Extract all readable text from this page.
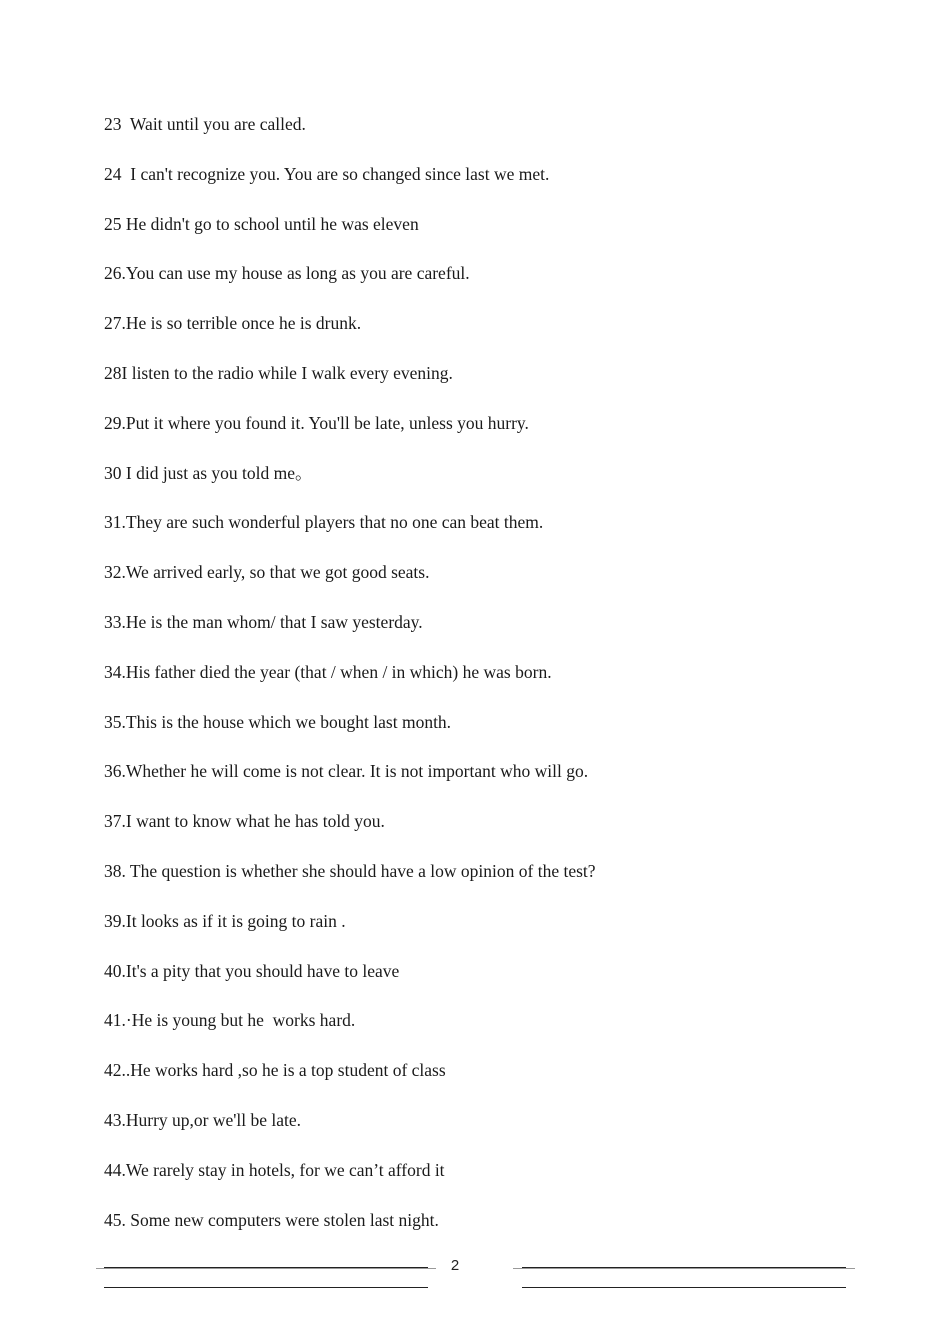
23  Wait until you are called.
24  I can't recognize you. You are so changed since last we met.
25 He didn't go to school until he was eleven
26.You can use my house as long as you are careful.
27.He is so terrible once he is drunk.
28I listen to the radio while I walk every evening.
29.Put it where you found it. You'll be late, unless you hurry.
30 I did just as you told me。
31.They are such wonderful players that no one can beat them.
32.We arrived early, so that we got good seats.
33.He is the man whom/ that I saw yesterday.
34.His father died the year (that / when / in which) he was born.
35.This is the house which we bought last month.
36.Whether he will come is not clear. It is not important who will go.
37.I want to know what he has told you.
38. The question is whether she should have a low opinion of the test?
39.It looks as if it is going to rain .
40.It's a pity that you should have to leave
41.·He is young but he  works hard.
42..He works hard ,so he is a top student of class
43.Hurry up,or we'll be late.
44.We rarely stay in hotels, for we can’t afford it
45. Some new computers were stolen last night.
2
